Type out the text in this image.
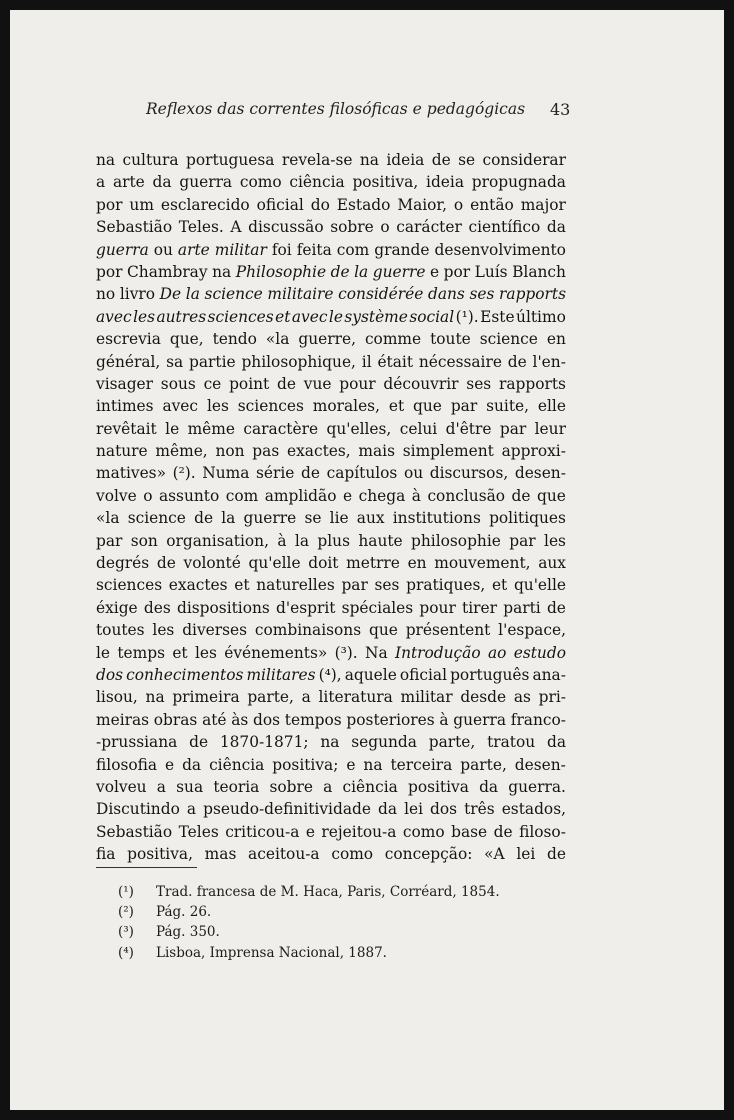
Reflexos das correntes filosóficas e pedagógicas 43
na cultura portuguesa revela-se na ideia de se considerar
a arte da guerra como ciência positiva, ideia propugnada
por um esclarecido oficial do Estado Maior, o então major
Sebastião Teles. A discussão sobre o carácter científico da
guerra ou arte militar foi feita com grande desenvolvimento
por Chambray na Philosophie de la guerre e por Luís Blanch
no livro De la science militaire considérée dans ses rapports
avec les autres sciences et avec le système social (¹). Este último
escrevia que, tendo «la guerre, comme toute science en
général, sa partie philosophique, il était nécessaire de l'en-
visager sous ce point de vue pour découvrir ses rapports
intimes avec les sciences morales, et que par suite, elle
revêtait le même caractère qu'elles, celui d'être par leur
nature même, non pas exactes, mais simplement approxi-
matives» (²). Numa série de capítulos ou discursos, desen-
volve o assunto com amplidão e chega à conclusão de que
«la science de la guerre se lie aux institutions politiques
par son organisation, à la plus haute philosophie par les
degrés de volonté qu'elle doit metrre en mouvement, aux
sciences exactes et naturelles par ses pratiques, et qu'elle
éxige des dispositions d'esprit spéciales pour tirer parti de
toutes les diverses combinaisons que présentent l'espace,
le temps et les événements» (³). Na Introdução ao estudo
dos conhecimentos militares (⁴), aquele oficial português ana-
lisou, na primeira parte, a literatura militar desde as pri-
meiras obras até às dos tempos posteriores à guerra franco-
-prussiana de 1870-1871; na segunda parte, tratou da
filosofia e da ciência positiva; e na terceira parte, desen-
volveu a sua teoria sobre a ciência positiva da guerra.
Discutindo a pseudo-definitividade da lei dos três estados,
Sebastião Teles criticou-a e rejeitou-a como base de filoso-
fia positiva, mas aceitou-a como concepção: «A lei de
(¹) Trad. francesa de M. Haca, Paris, Corréard, 1854.
(²) Pág. 26.
(³) Pág. 350.
(⁴) Lisboa, Imprensa Nacional, 1887.
